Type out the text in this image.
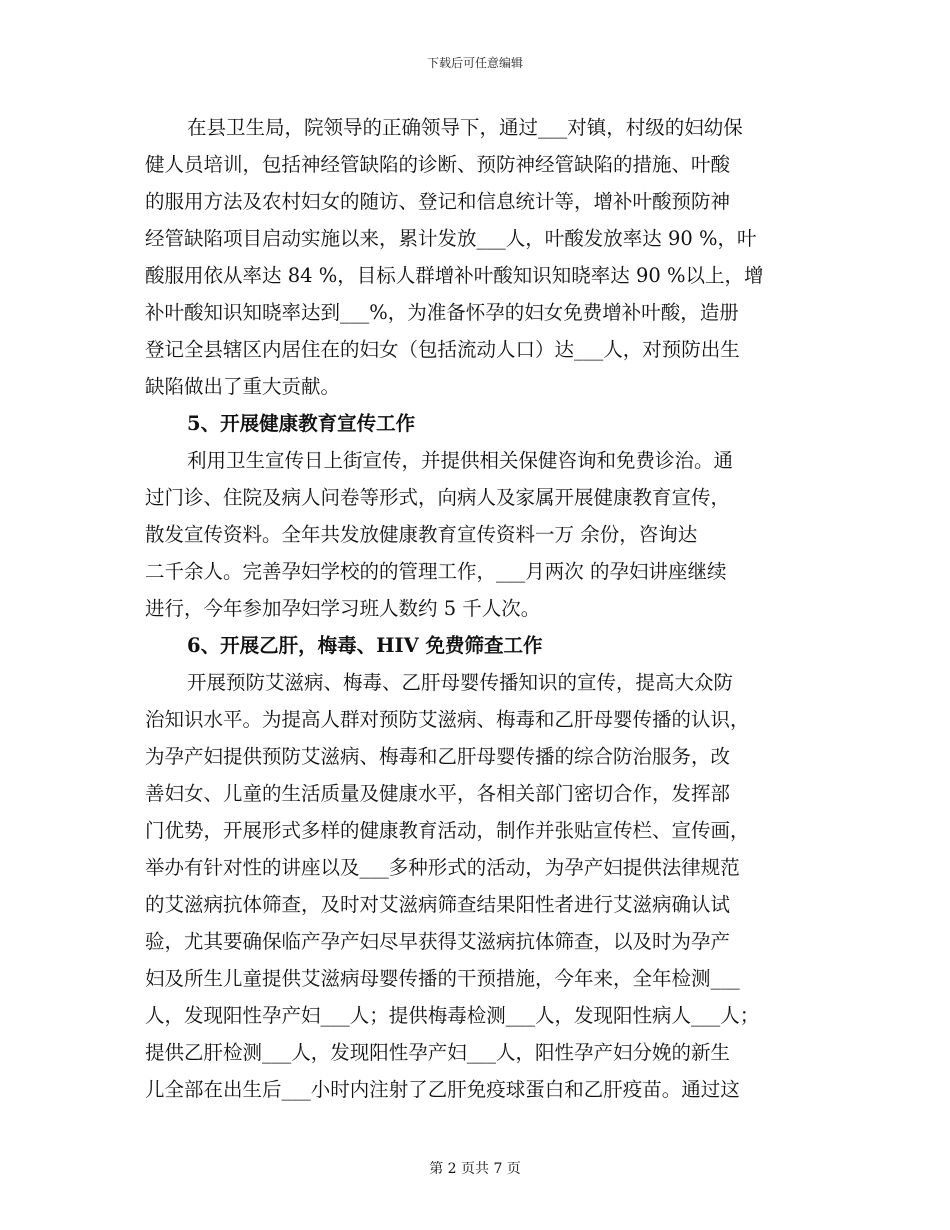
下载后可任意编辑
在县卫生局，院领导的正确领导下，通过___对镇，村级的妇幼保
健人员培训，包括神经管缺陷的诊断、预防神经管缺陷的措施、叶酸
的服用方法及农村妇女的随访、登记和信息统计等，增补叶酸预防神
经管缺陷项目启动实施以来，累计发放___人，叶酸发放率达 90 %，叶
酸服用依从率达 84 %，目标人群增补叶酸知识知晓率达 90 %以上，增
补叶酸知识知晓率达到___%，为准备怀孕的妇女免费增补叶酸，造册
登记全县辖区内居住在的妇女（包括流动人口）达___人，对预防出生
缺陷做出了重大贡献。
5、开展健康教育宣传工作
利用卫生宣传日上街宣传，并提供相关保健咨询和免费诊治。通
过门诊、住院及病人问卷等形式，向病人及家属开展健康教育宣传，
散发宣传资料。全年共发放健康教育宣传资料一万 余份，咨询达
二千余人。完善孕妇学校的的管理工作，___月两次 的孕妇讲座继续
进行，今年参加孕妇学习班人数约 5 千人次。
6、开展乙肝，梅毒、HIV 免费筛查工作
开展预防艾滋病、梅毒、乙肝母婴传播知识的宣传，提高大众防
治知识水平。为提高人群对预防艾滋病、梅毒和乙肝母婴传播的认识，
为孕产妇提供预防艾滋病、梅毒和乙肝母婴传播的综合防治服务，改
善妇女、儿童的生活质量及健康水平，各相关部门密切合作，发挥部
门优势，开展形式多样的健康教育活动，制作并张贴宣传栏、宣传画，
举办有针对性的讲座以及___多种形式的活动，为孕产妇提供法律规范
的艾滋病抗体筛查，及时对艾滋病筛查结果阳性者进行艾滋病确认试
验，尤其要确保临产孕产妇尽早获得艾滋病抗体筛查，以及时为孕产
妇及所生儿童提供艾滋病母婴传播的干预措施，今年来，全年检测___
人，发现阳性孕产妇___人；提供梅毒检测___人，发现阳性病人___人；
提供乙肝检测___人，发现阳性孕产妇___人，阳性孕产妇分娩的新生
儿全部在出生后___小时内注射了乙肝免疫球蛋白和乙肝疫苗。通过这
第 2 页共 7 页
